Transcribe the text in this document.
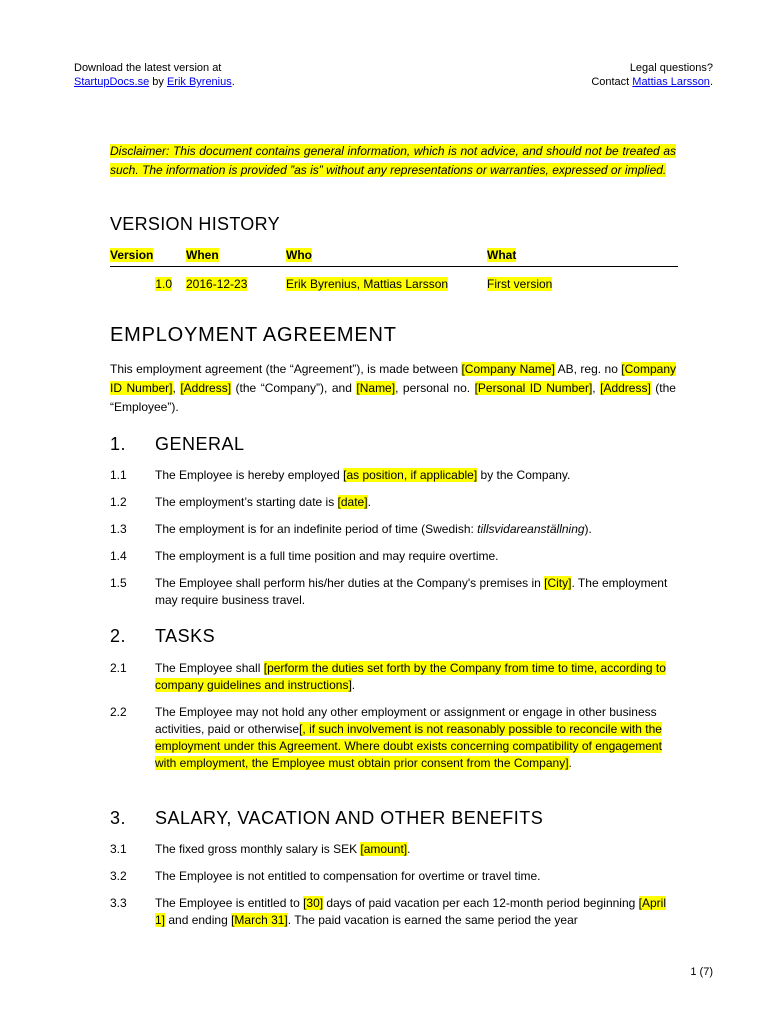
Download the latest version at
StartupDocs.se by Erik Byrenius.
Legal questions?
Contact Mattias Larsson.
Disclaimer: This document contains general information, which is not advice, and should not be treated as such. The information is provided ”as is” without any representations or warranties, expressed or implied.
VERSION HISTORY
Version	When	Who	What
1.0	2016-12-23	Erik Byrenius, Mattias Larsson	First version
EMPLOYMENT AGREEMENT
This employment agreement (the “Agreement”), is made between [Company Name] AB, reg. no [Company ID Number], [Address] (the “Company”), and [Name], personal no. [Personal ID Number], [Address] (the “Employee”).
1. GENERAL
1.1 The Employee is hereby employed [as position, if applicable] by the Company.
1.2 The employment’s starting date is [date].
1.3 The employment is for an indefinite period of time (Swedish: tillsvidareanställning).
1.4 The employment is a full time position and may require overtime.
1.5 The Employee shall perform his/her duties at the Company's premises in [City]. The employment may require business travel.
2. TASKS
2.1 The Employee shall [perform the duties set forth by the Company from time to time, according to company guidelines and instructions].
2.2 The Employee may not hold any other employment or assignment or engage in other business activities, paid or otherwise[, if such involvement is not reasonably possible to reconcile with the employment under this Agreement. Where doubt exists concerning compatibility of engagement with employment, the Employee must obtain prior consent from the Company].
3. SALARY, VACATION AND OTHER BENEFITS
3.1 The fixed gross monthly salary is SEK [amount].
3.2 The Employee is not entitled to compensation for overtime or travel time.
3.3 The Employee is entitled to [30] days of paid vacation per each 12-month period beginning [April 1] and ending [March 31]. The paid vacation is earned the same period the year
1 (7)
